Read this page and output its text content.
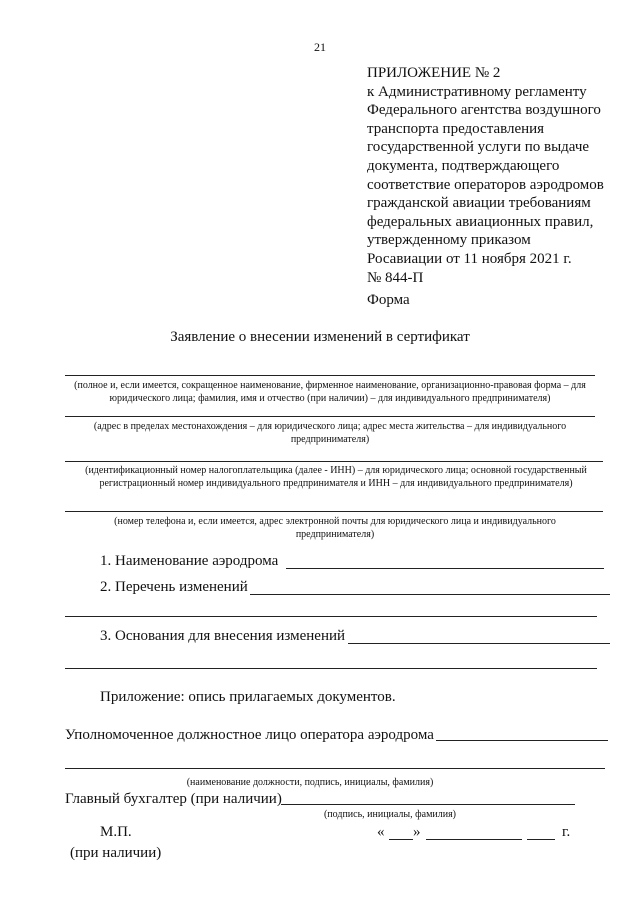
21
ПРИЛОЖЕНИЕ № 2
к Административному регламенту
Федерального агентства воздушного
транспорта предоставления
государственной услуги по выдаче
документа, подтверждающего
соответствие операторов аэродромов
гражданской авиации требованиям
федеральных авиационных правил,
утвержденному приказом
Росавиации от 11 ноября 2021 г.
№ 844-П
Форма
Заявление о внесении изменений в сертификат
(полное и, если имеется, сокращенное наименование, фирменное наименование, организационно-правовая форма – для юридического лица; фамилия, имя и отчество (при наличии) – для индивидуального предпринимателя)
(адрес в пределах местонахождения – для юридического лица; адрес места жительства – для индивидуального предпринимателя)
(идентификационный номер налогоплательщика (далее - ИНН) – для юридического лица; основной государственный регистрационный номер индивидуального предпринимателя и ИНН – для индивидуального предпринимателя)
(номер телефона и, если имеется, адрес электронной почты для юридического лица и индивидуального предпринимателя)
1. Наименование аэродрома
2. Перечень изменений
3. Основания для внесения изменений
Приложение: опись прилагаемых документов.
Уполномоченное должностное лицо оператора аэродрома
(наименование должности, подпись, инициалы, фамилия)
Главный бухгалтер (при наличии)
(подпись, инициалы, фамилия)
М.П.
(при наличии)
« »	г.
